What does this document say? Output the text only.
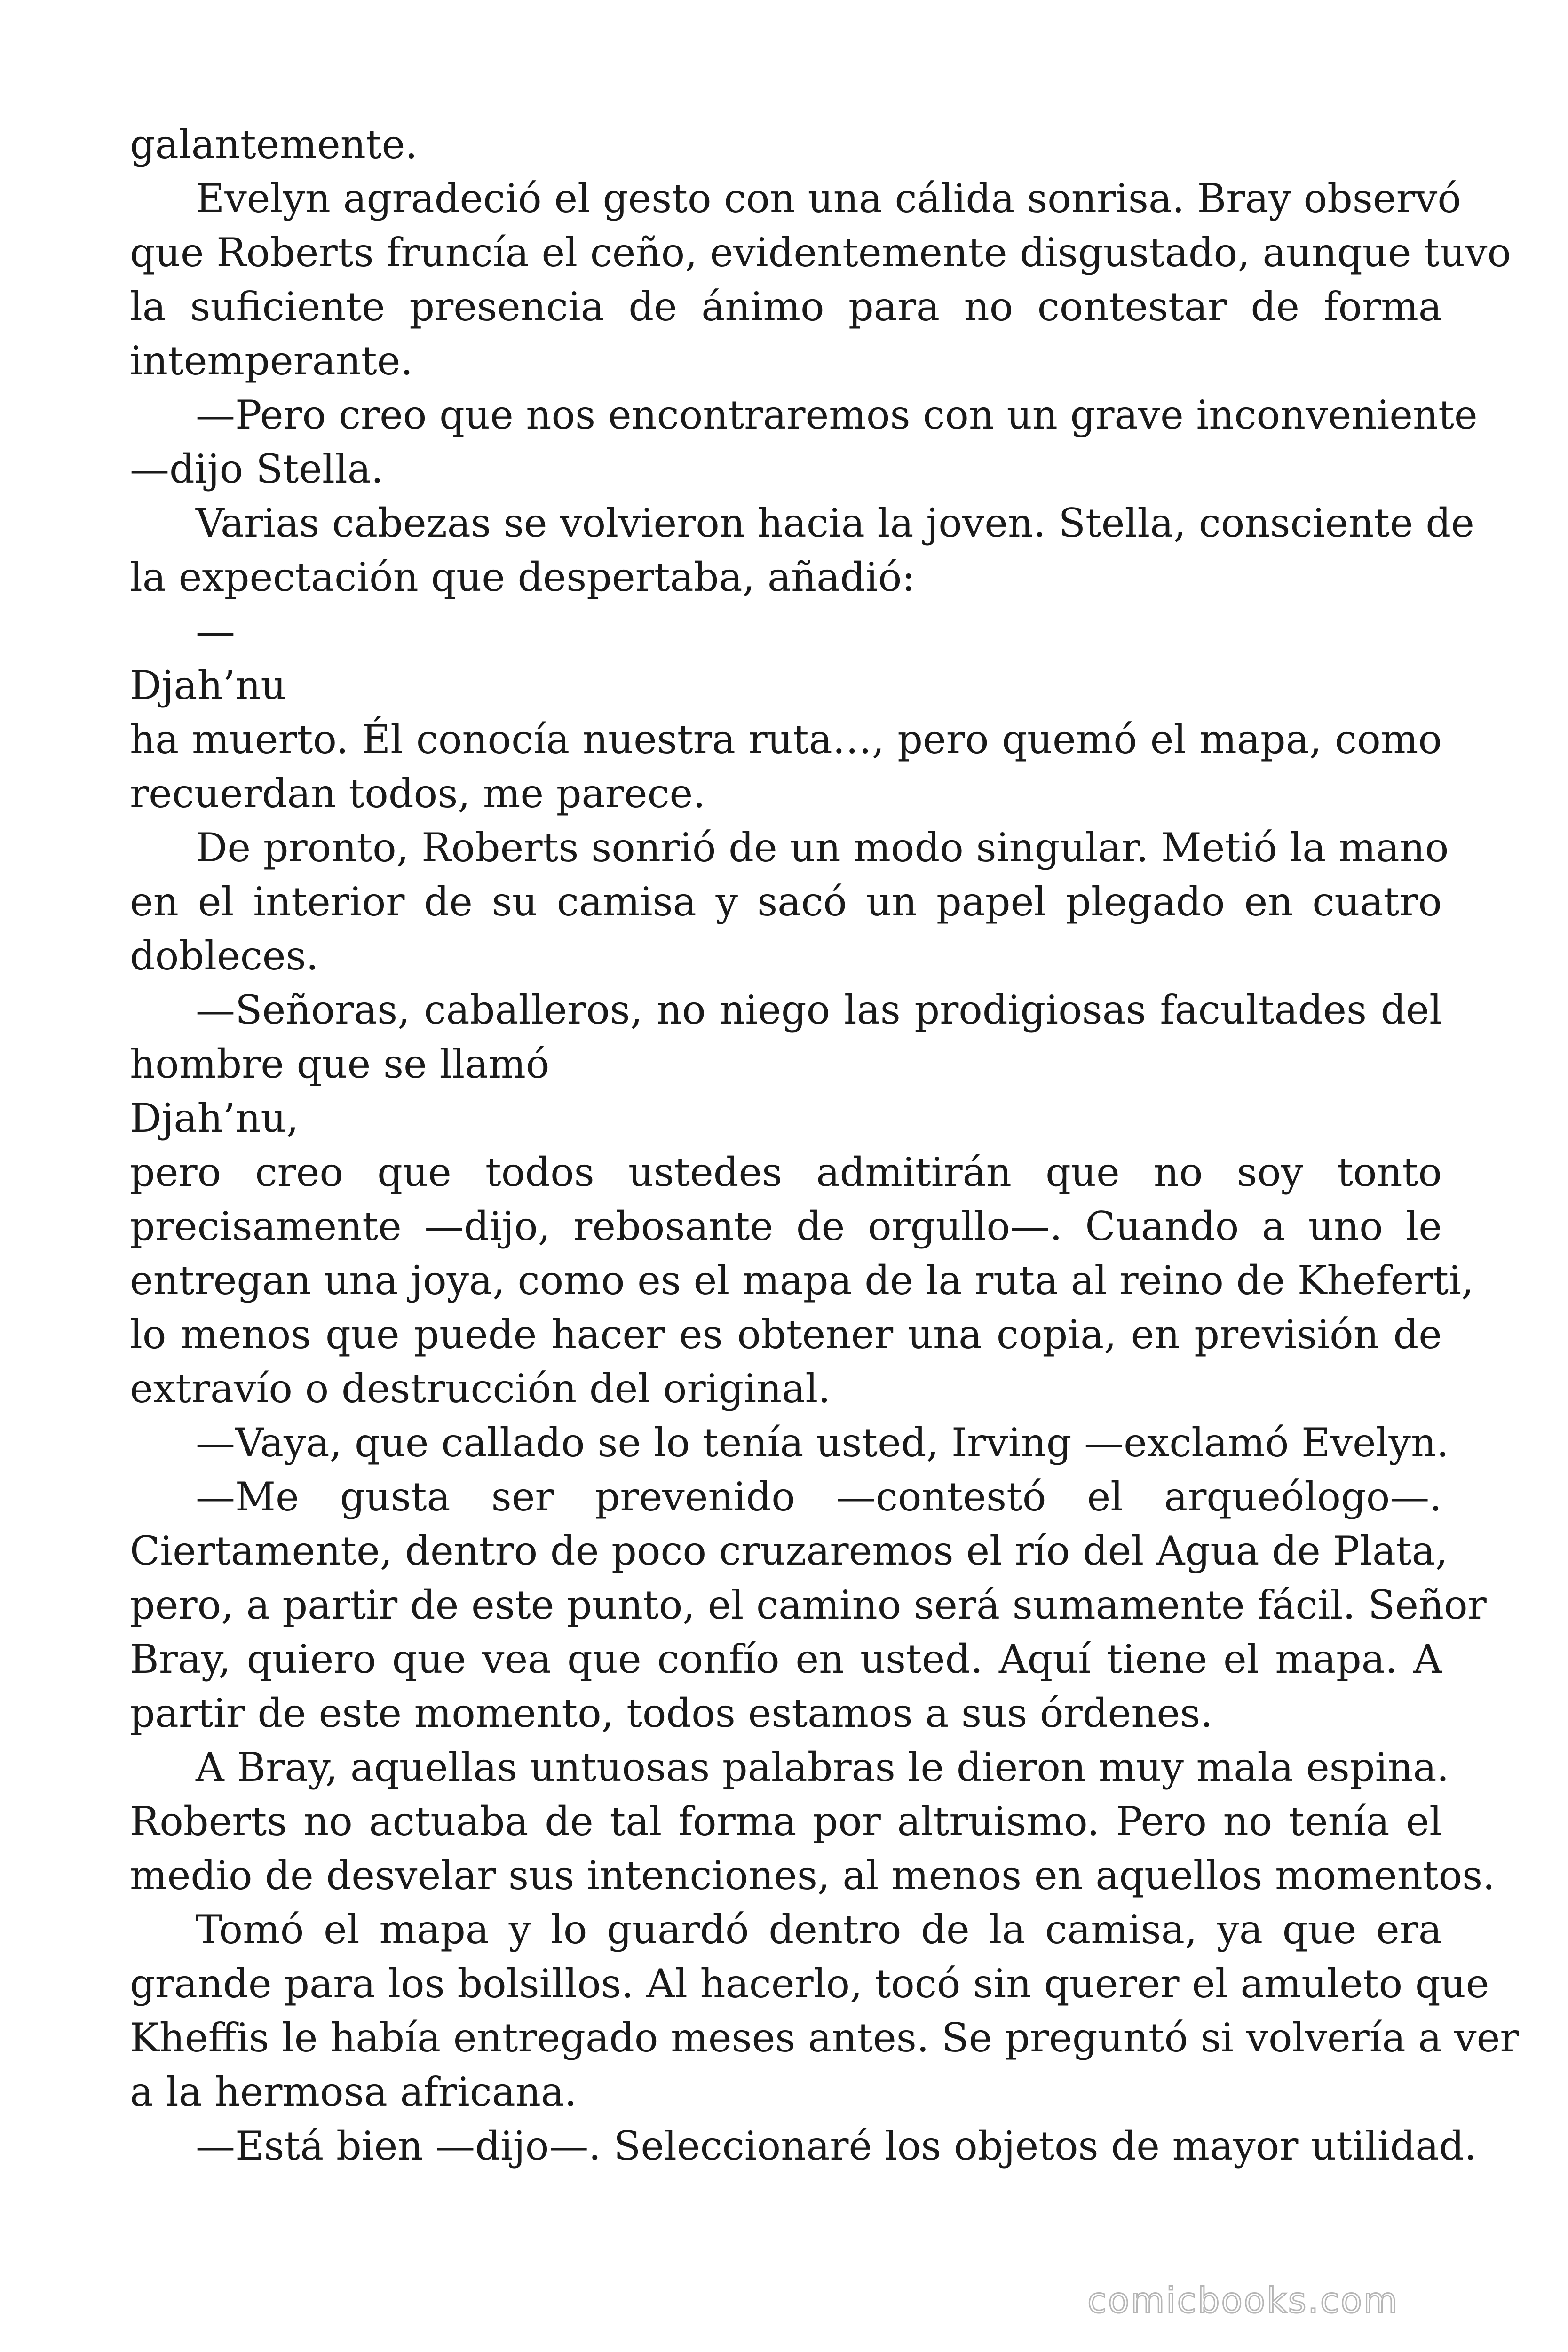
galantemente.
Evelyn agradeció el gesto con una cálida sonrisa. Bray observó
que Roberts fruncía el ceño, evidentemente disgustado, aunque tuvo
la suficiente presencia de ánimo para no contestar de forma
intemperante.
—Pero creo que nos encontraremos con un grave inconveniente
—dijo Stella.
Varias cabezas se volvieron hacia la joven. Stella, consciente de
la expectación que despertaba, añadió:
—
Djah’nu
ha muerto. Él conocía nuestra ruta…, pero quemó el mapa, como
recuerdan todos, me parece.
De pronto, Roberts sonrió de un modo singular. Metió la mano
en el interior de su camisa y sacó un papel plegado en cuatro
dobleces.
—Señoras, caballeros, no niego las prodigiosas facultades del
hombre que se llamó
Djah’nu,
pero creo que todos ustedes admitirán que no soy tonto
precisamente —dijo, rebosante de orgullo—. Cuando a uno le
entregan una joya, como es el mapa de la ruta al reino de Kheferti,
lo menos que puede hacer es obtener una copia, en previsión de
extravío o destrucción del original.
—Vaya, que callado se lo tenía usted, Irving —exclamó Evelyn.
—Me gusta ser prevenido —contestó el arqueólogo—.
Ciertamente, dentro de poco cruzaremos el río del Agua de Plata,
pero, a partir de este punto, el camino será sumamente fácil. Señor
Bray, quiero que vea que confío en usted. Aquí tiene el mapa. A
partir de este momento, todos estamos a sus órdenes.
A Bray, aquellas untuosas palabras le dieron muy mala espina.
Roberts no actuaba de tal forma por altruismo. Pero no tenía el
medio de desvelar sus intenciones, al menos en aquellos momentos.
Tomó el mapa y lo guardó dentro de la camisa, ya que era
grande para los bolsillos. Al hacerlo, tocó sin querer el amuleto que
Kheffis le había entregado meses antes. Se preguntó si volvería a ver
a la hermosa africana.
—Está bien —dijo—. Seleccionaré los objetos de mayor utilidad.
comicbooks.com
